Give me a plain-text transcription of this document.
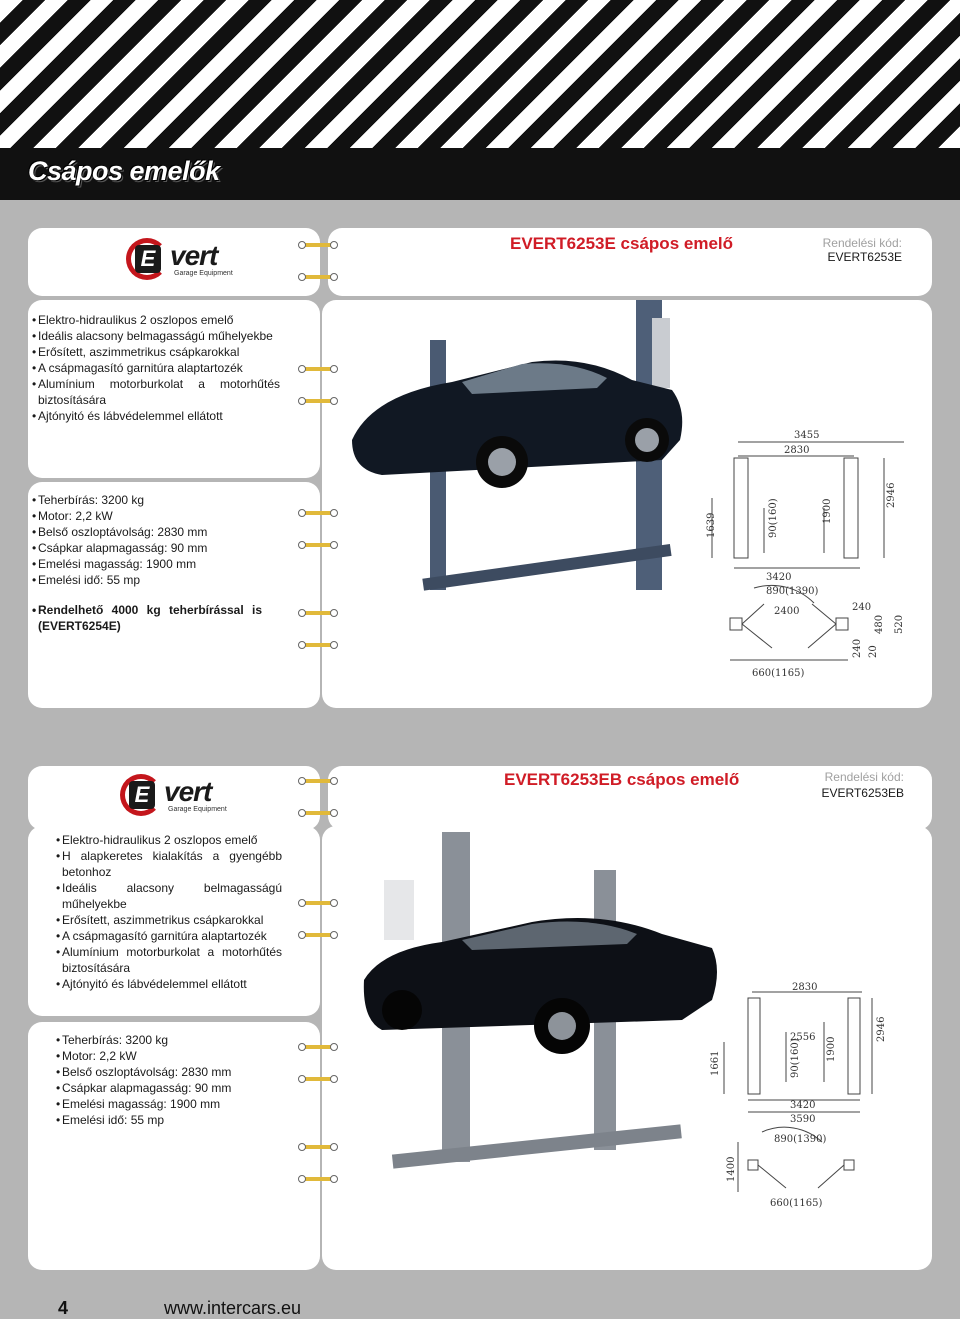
Csápos emelők
E vert
Garage Equipment
EVERT6253E csápos emelő	Rendelési kód:
EVERT6253E
• Elektro-hidraulikus 2 oszlopos emelő
• Ideális alacsony belmagasságú műhelyekbe
• Erősített, aszimmetrikus csápkarokkal
• A csápmagasító garnitúra alaptartozék
• Alumínium motorburkolat a motorhűtés biztosítására
• Ajtónyitó és lábvédelemmel ellátott
• Teherbírás: 3200 kg
• Motor: 2,2 kW
• Belső oszloptávolság: 2830 mm
• Csápkar alapmagasság: 90 mm
• Emelési magasság: 1900 mm
• Emelési idő: 55 mp
• Rendelhető 4000 kg teherbírással is (EVERT6254E)
3455
2830
1639	90(160)	1900
2946
3420
890(1390)
2400	240
480 520
240 20
660(1165)
E vert
Garage Equipment
EVERT6253EB csápos emelő	Rendelési kód:
EVERT6253EB
• Elektro-hidraulikus 2 oszlopos emelő
• H alapkeretes kialakítás a gyengébb betonhoz
• Ideális alacsony belmagasságú műhelyekbe
• Erősített, aszimmetrikus csápkarokkal
• A csápmagasító garnitúra alaptartozék
• Alumínium motorburkolat a motorhűtés biztosítására
• Ajtónyitó és lábvédelemmel ellátott
• Teherbírás: 3200 kg
• Motor: 2,2 kW
• Belső oszloptávolság: 2830 mm
• Csápkar alapmagasság: 90 mm
• Emelési magasság: 1900 mm
• Emelési idő: 55 mp
2830
1661
2556
90(160)	1900
2946
3420
3590
890(1390)
1400
660(1165)
4	www.intercars.eu
